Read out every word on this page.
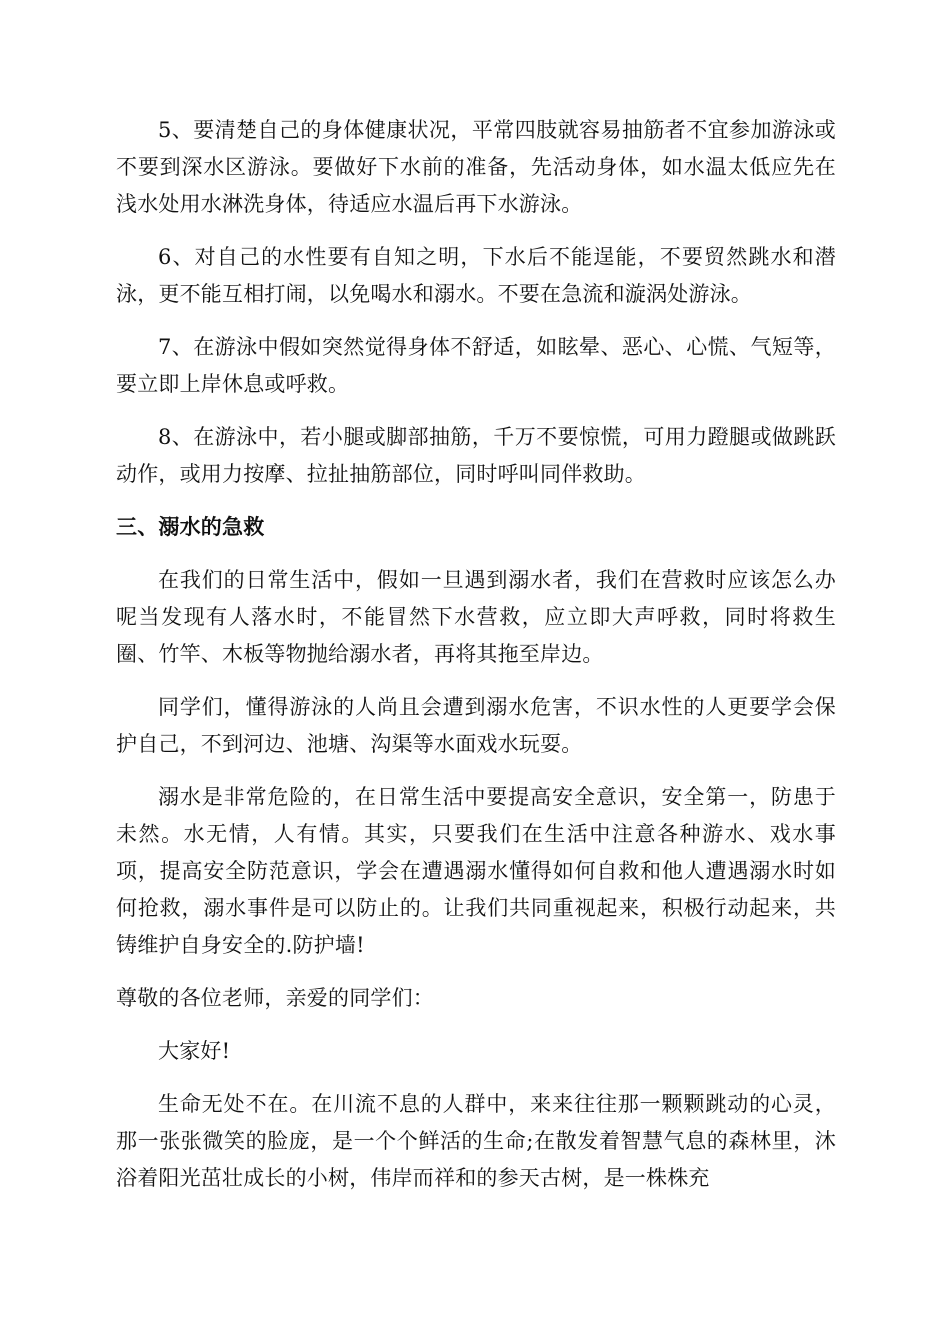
5、要清楚自己的身体健康状况，平常四肢就容易抽筋者不宜参加游泳或不要到深水区游泳。要做好下水前的准备，先活动身体，如水温太低应先在浅水处用水淋洗身体，待适应水温后再下水游泳。

6、对自己的水性要有自知之明，下水后不能逞能，不要贸然跳水和潜泳，更不能互相打闹，以免喝水和溺水。不要在急流和漩涡处游泳。

7、在游泳中假如突然觉得身体不舒适，如眩晕、恶心、心慌、气短等，要立即上岸休息或呼救。

8、在游泳中，若小腿或脚部抽筋，千万不要惊慌，可用力蹬腿或做跳跃动作，或用力按摩、拉扯抽筋部位，同时呼叫同伴救助。

三、溺水的急救

在我们的日常生活中，假如一旦遇到溺水者，我们在营救时应该怎么办呢当发现有人落水时，不能冒然下水营救，应立即大声呼救，同时将救生圈、竹竿、木板等物抛给溺水者，再将其拖至岸边。

同学们，懂得游泳的人尚且会遭到溺水危害，不识水性的人更要学会保护自己，不到河边、池塘、沟渠等水面戏水玩耍。

溺水是非常危险的，在日常生活中要提高安全意识，安全第一，防患于未然。水无情，人有情。其实，只要我们在生活中注意各种游水、戏水事项，提高安全防范意识，学会在遭遇溺水懂得如何自救和他人遭遇溺水时如何抢救，溺水事件是可以防止的。让我们共同重视起来，积极行动起来，共铸维护自身安全的.防护墙!

尊敬的各位老师，亲爱的同学们：

大家好!

生命无处不在。在川流不息的人群中，来来往往那一颗颗跳动的心灵，那一张张微笑的脸庞，是一个个鲜活的生命;在散发着智慧气息的森林里，沐浴着阳光茁壮成长的小树，伟岸而祥和的参天古树，是一株株充
